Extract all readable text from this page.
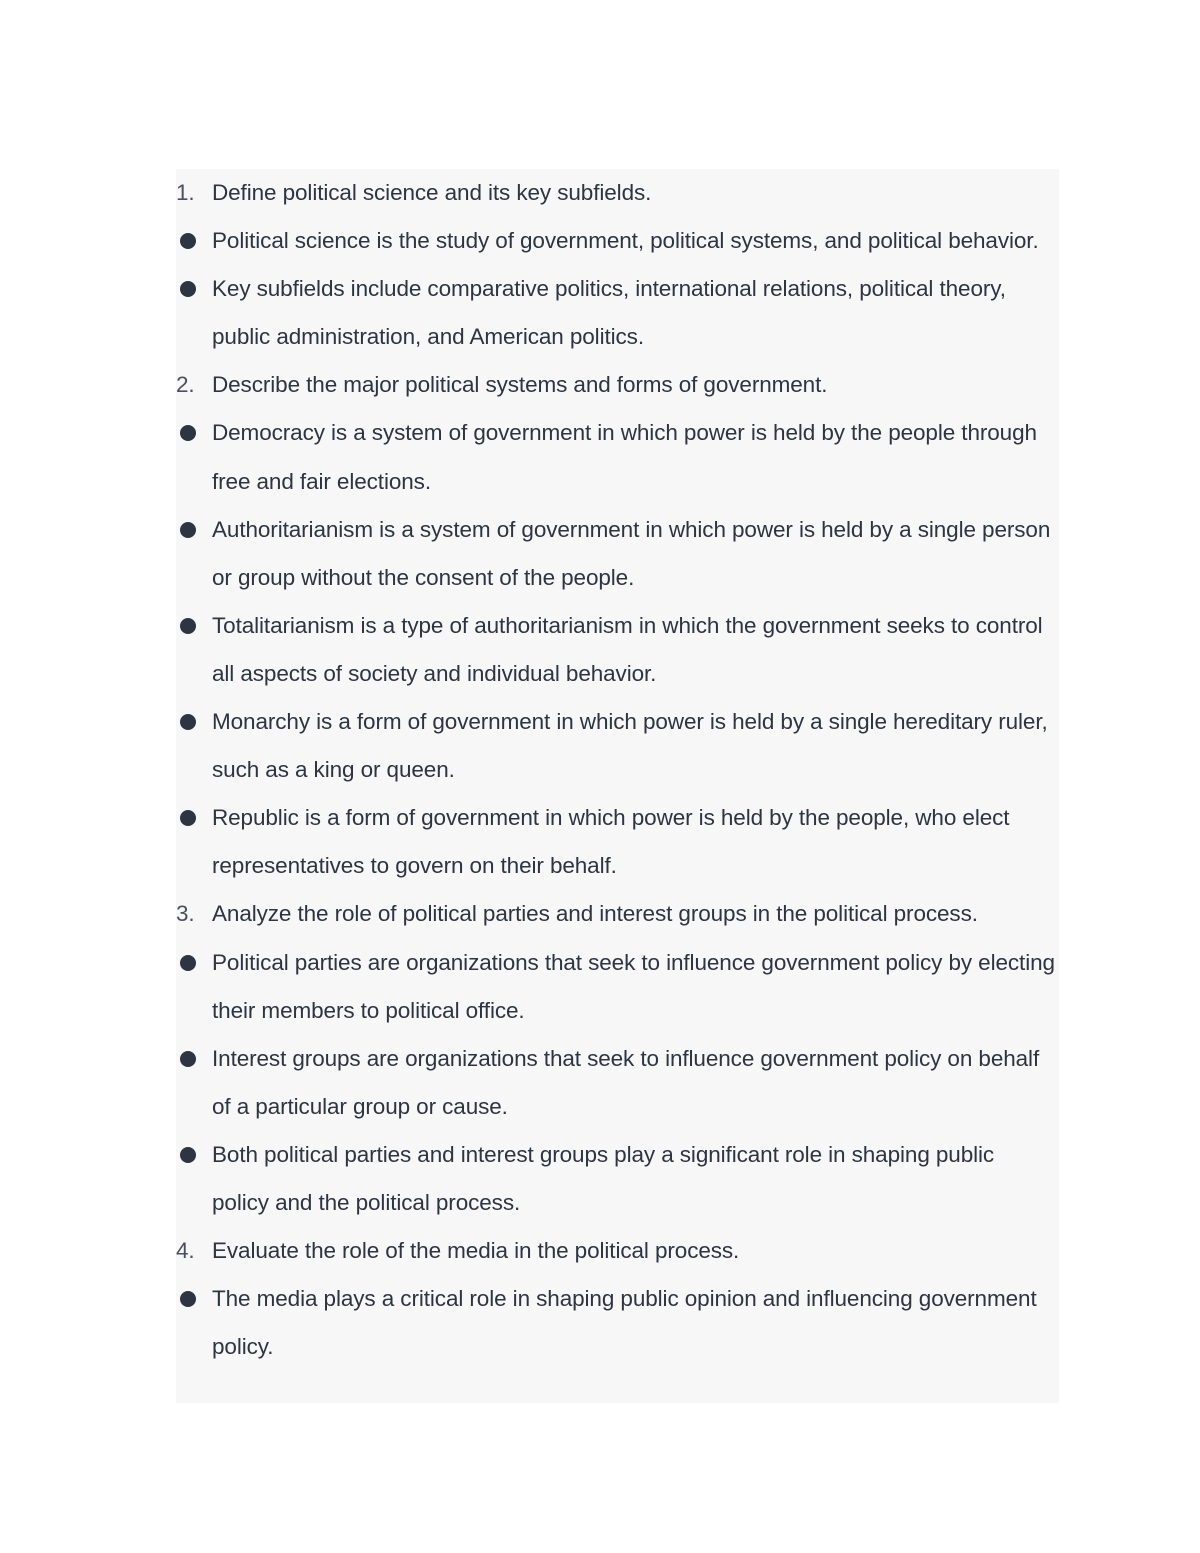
1. Define political science and its key subfields.
Political science is the study of government, political systems, and political behavior.
Key subfields include comparative politics, international relations, political theory, public administration, and American politics.
2. Describe the major political systems and forms of government.
Democracy is a system of government in which power is held by the people through free and fair elections.
Authoritarianism is a system of government in which power is held by a single person or group without the consent of the people.
Totalitarianism is a type of authoritarianism in which the government seeks to control all aspects of society and individual behavior.
Monarchy is a form of government in which power is held by a single hereditary ruler, such as a king or queen.
Republic is a form of government in which power is held by the people, who elect representatives to govern on their behalf.
3. Analyze the role of political parties and interest groups in the political process.
Political parties are organizations that seek to influence government policy by electing their members to political office.
Interest groups are organizations that seek to influence government policy on behalf of a particular group or cause.
Both political parties and interest groups play a significant role in shaping public policy and the political process.
4. Evaluate the role of the media in the political process.
The media plays a critical role in shaping public opinion and influencing government policy.
